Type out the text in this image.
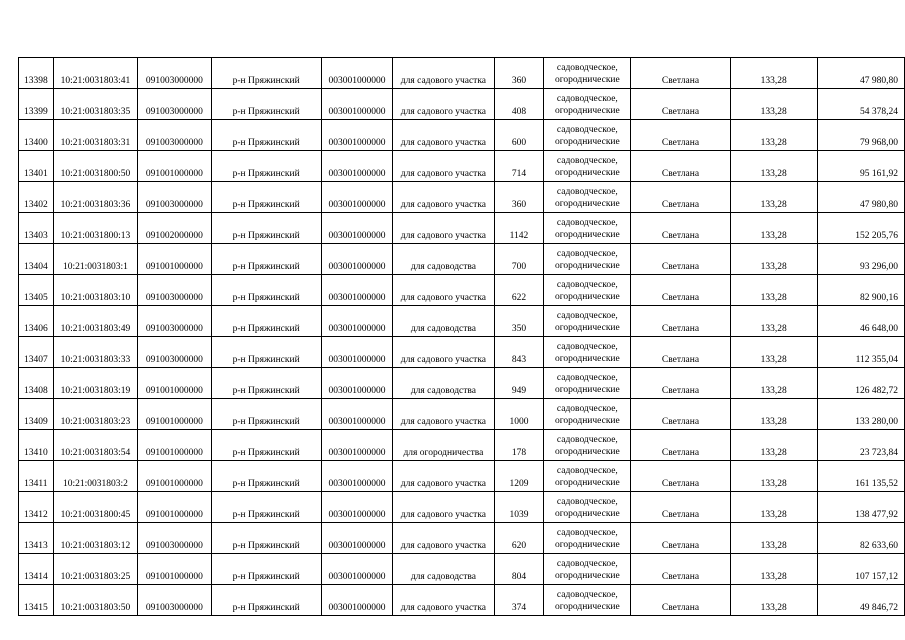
13398	10:21:0031803:41	091003000000	р-н Пряжинский	003001000000	для садового участка	360	садоводческое,
огороднические	Светлана	133,28	47 980,80
13399	10:21:0031803:35	091003000000	р-н Пряжинский	003001000000	для садового участка	408	садоводческое,
огороднические	Светлана	133,28	54 378,24
13400	10:21:0031803:31	091003000000	р-н Пряжинский	003001000000	для садового участка	600	садоводческое,
огороднические	Светлана	133,28	79 968,00
13401	10:21:0031800:50	091001000000	р-н Пряжинский	003001000000	для садового участка	714	садоводческое,
огороднические	Светлана	133,28	95 161,92
13402	10:21:0031803:36	091003000000	р-н Пряжинский	003001000000	для садового участка	360	садоводческое,
огороднические	Светлана	133,28	47 980,80
13403	10:21:0031800:13	091002000000	р-н Пряжинский	003001000000	для садового участка	1142	садоводческое,
огороднические	Светлана	133,28	152 205,76
13404	10:21:0031803:1	091001000000	р-н Пряжинский	003001000000	для садоводства	700	садоводческое,
огороднические	Светлана	133,28	93 296,00
13405	10:21:0031803:10	091003000000	р-н Пряжинский	003001000000	для садового участка	622	садоводческое,
огороднические	Светлана	133,28	82 900,16
13406	10:21:0031803:49	091003000000	р-н Пряжинский	003001000000	для садоводства	350	садоводческое,
огороднические	Светлана	133,28	46 648,00
13407	10:21:0031803:33	091003000000	р-н Пряжинский	003001000000	для садового участка	843	садоводческое,
огороднические	Светлана	133,28	112 355,04
13408	10:21:0031803:19	091001000000	р-н Пряжинский	003001000000	для садоводства	949	садоводческое,
огороднические	Светлана	133,28	126 482,72
13409	10:21:0031803:23	091001000000	р-н Пряжинский	003001000000	для садового участка	1000	садоводческое,
огороднические	Светлана	133,28	133 280,00
13410	10:21:0031803:54	091001000000	р-н Пряжинский	003001000000	для огородничества	178	садоводческое,
огороднические	Светлана	133,28	23 723,84
13411	10:21:0031803:2	091001000000	р-н Пряжинский	003001000000	для садового участка	1209	садоводческое,
огороднические	Светлана	133,28	161 135,52
13412	10:21:0031800:45	091001000000	р-н Пряжинский	003001000000	для садового участка	1039	садоводческое,
огороднические	Светлана	133,28	138 477,92
13413	10:21:0031803:12	091003000000	р-н Пряжинский	003001000000	для садового участка	620	садоводческое,
огороднические	Светлана	133,28	82 633,60
13414	10:21:0031803:25	091001000000	р-н Пряжинский	003001000000	для садоводства	804	садоводческое,
огороднические	Светлана	133,28	107 157,12
13415	10:21:0031803:50	091003000000	р-н Пряжинский	003001000000	для садового участка	374	садоводческое,
огороднические	Светлана	133,28	49 846,72
